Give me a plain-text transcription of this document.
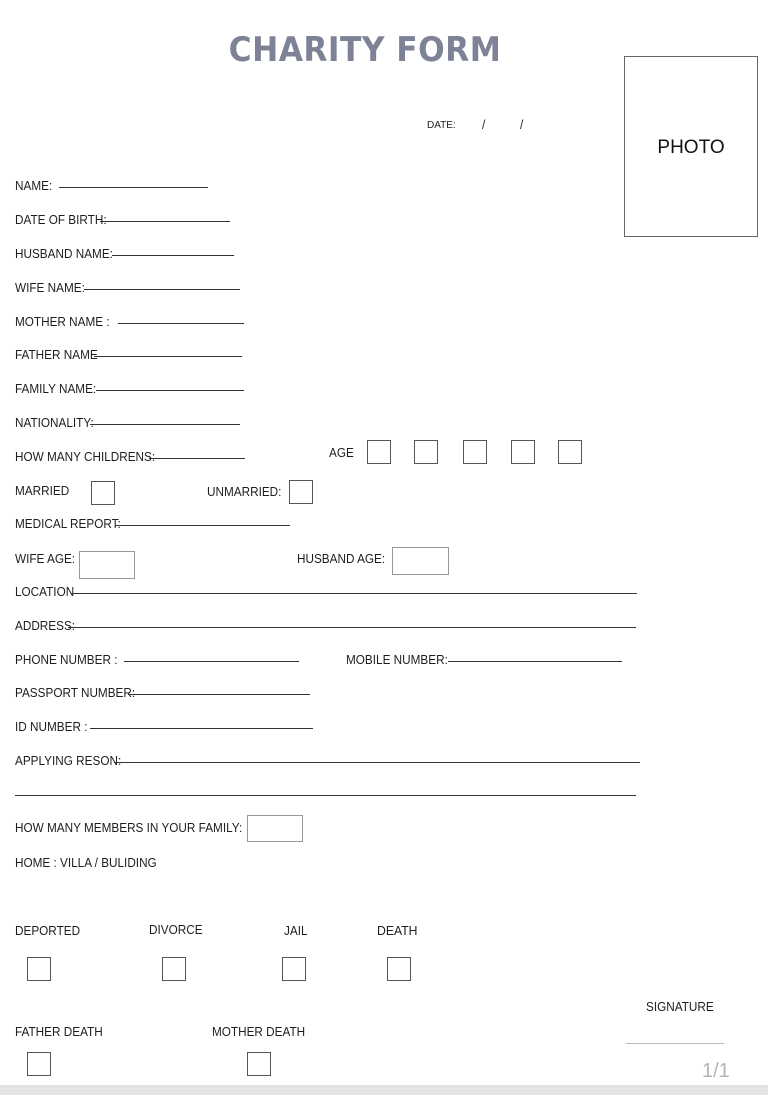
CHARITY FORM
DATE: /	/
PHOTO
NAME:
DATE OF BIRTH:
HUSBAND NAME:
WIFE NAME:
MOTHER NAME :
FATHER NAME
FAMILY NAME:
NATIONALITY:
HOW MANY CHILDRENS:	AGE
MARRIED	UNMARRIED:
MEDICAL REPORT:
WIFE AGE:	HUSBAND AGE:
LOCATION
ADDRESS:
PHONE NUMBER :	MOBILE NUMBER:
PASSPORT NUMBER:
ID NUMBER :
APPLYING RESON:
HOW MANY MEMBERS IN YOUR FAMILY:
HOME : VILLA / BULIDING
DEPORTED	DIVORCE	JAIL	DEATH
FATHER DEATH	MOTHER DEATH
SIGNATURE
1/1
